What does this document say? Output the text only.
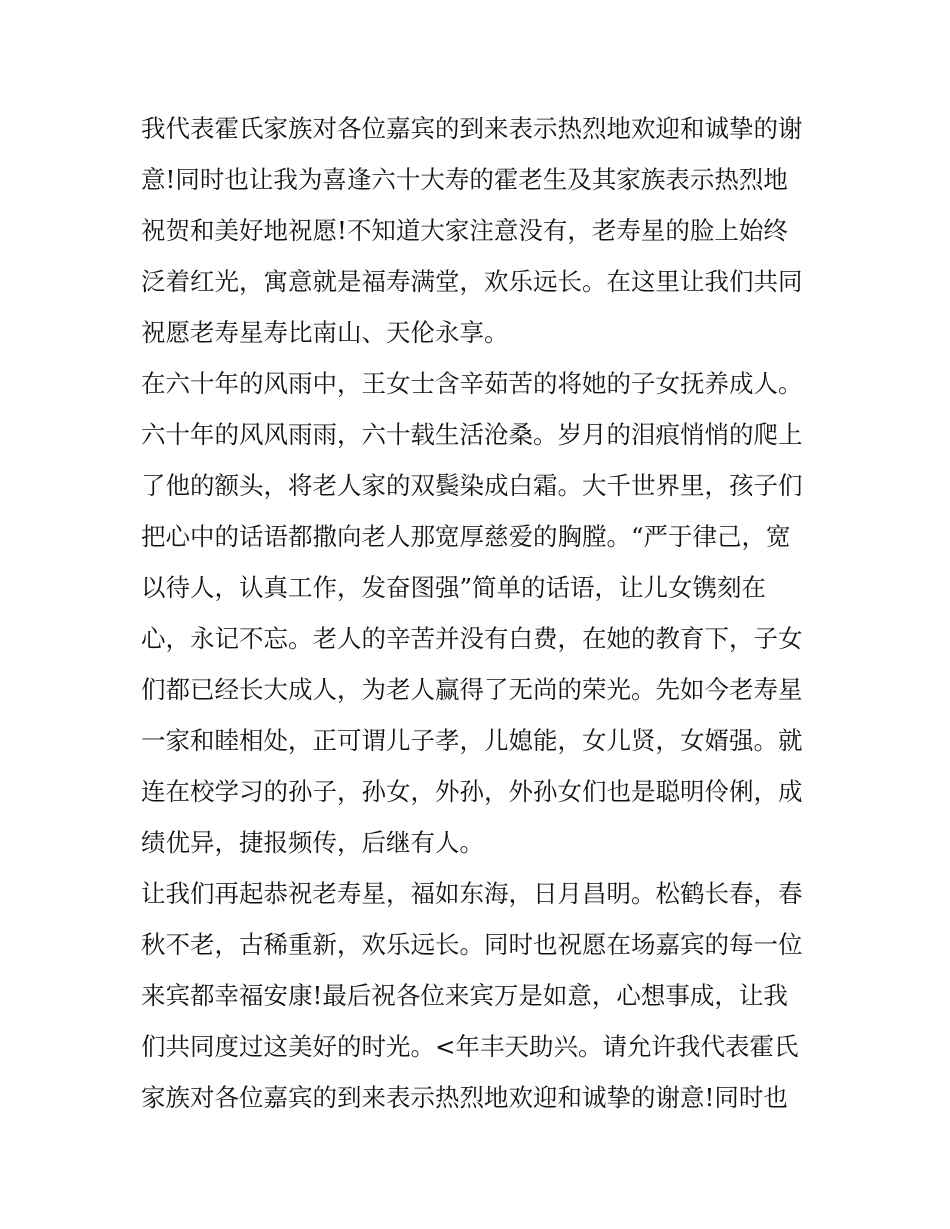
我代表霍氏家族对各位嘉宾的到来表示热烈地欢迎和诚挚的谢

意!同时也让我为喜逢六十大寿的霍老生及其家族表示热烈地

祝贺和美好地祝愿!不知道大家注意没有，老寿星的脸上始终

泛着红光，寓意就是福寿满堂，欢乐远长。在这里让我们共同

祝愿老寿星寿比南山、天伦永享。

在六十年的风雨中，王女士含辛茹苦的将她的子女抚养成人。

六十年的风风雨雨，六十载生活沧桑。岁月的泪痕悄悄的爬上

了他的额头，将老人家的双鬓染成白霜。大千世界里，孩子们

把心中的话语都撒向老人那宽厚慈爱的胸膛。“严于律己，宽

以待人，认真工作，发奋图强”简单的话语，让儿女镌刻在

心，永记不忘。老人的辛苦并没有白费，在她的教育下，子女

们都已经长大成人，为老人赢得了无尚的荣光。先如今老寿星

一家和睦相处，正可谓儿子孝，儿媳能，女儿贤，女婿强。就

连在校学习的孙子，孙女，外孙，外孙女们也是聪明伶俐，成

绩优异，捷报频传，后继有人。

让我们再起恭祝老寿星，福如东海，日月昌明。松鹤长春，春

秋不老，古稀重新，欢乐远长。同时也祝愿在场嘉宾的每一位

来宾都幸福安康!最后祝各位来宾万是如意，心想事成，让我

们共同度过这美好的时光。<年丰天助兴。请允许我代表霍氏

家族对各位嘉宾的到来表示热烈地欢迎和诚挚的谢意!同时也
